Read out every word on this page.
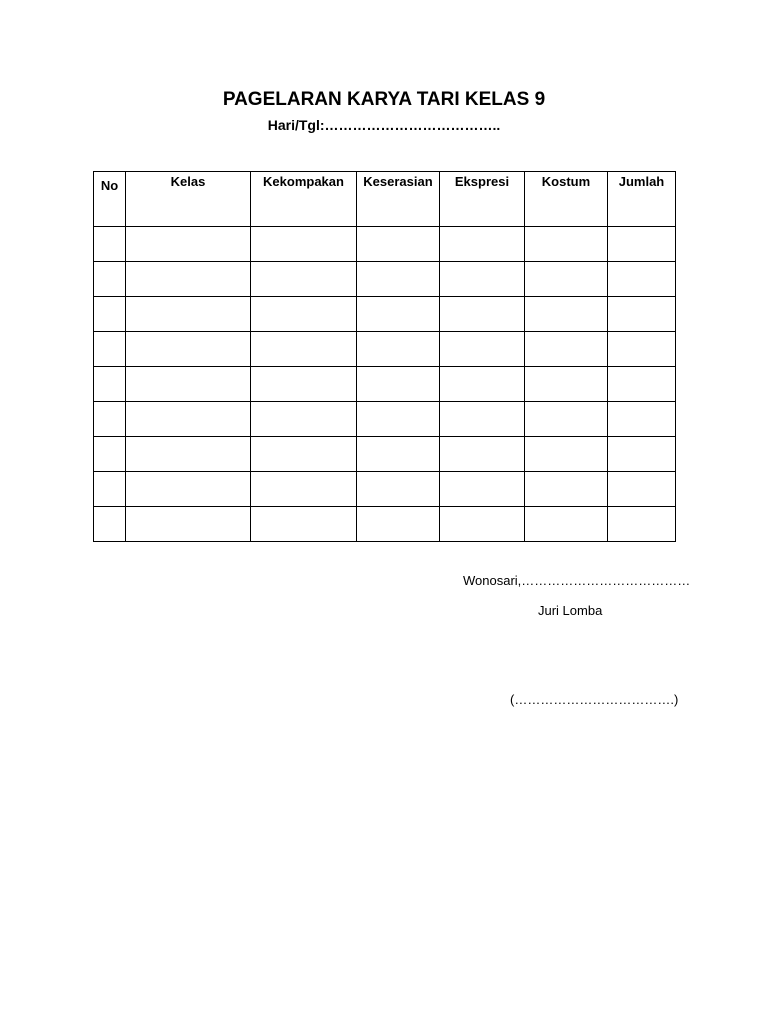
PAGELARAN KARYA TARI KELAS 9
Hari/Tgl:………………………………..
No	Kelas	Kekompakan	Keserasian	Ekspresi	Kostum	Jumlah

Wonosari,…………………………………
Juri Lomba
(……………………………….)
